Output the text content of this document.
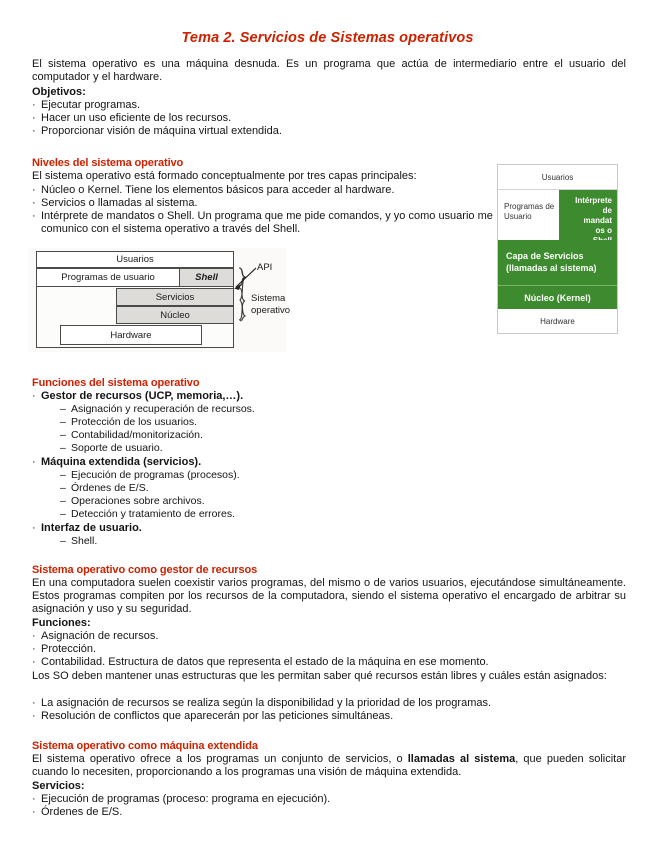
Tema 2. Servicios de Sistemas operativos
El sistema operativo es una máquina desnuda. Es un programa que actúa de intermediario entre el usuario del computador y el hardware.
Objetivos:
· Ejecutar programas.
· Hacer un uso eficiente de los recursos.
· Proporcionar visión de máquina virtual extendida.
Niveles del sistema operativo
El sistema operativo está formado conceptualmente por tres capas principales:
· Núcleo o Kernel. Tiene los elementos básicos para acceder al hardware.
· Servicios o llamadas al sistema.
· Intérprete de mandatos o Shell. Un programa que me pide comandos, y yo como usuario me comunico con el sistema operativo a través del Shell.
Usuarios
Programas de usuario	Shell
Servicios
Núcleo
Hardware
API
Sistema
operativo
Usuarios
Programas de
Usuario
Intérprete de
mandat
os o

Capa de Servicios
(llamadas al sistema)
Núcleo (Kernel)
Hardware
Funciones del sistema operativo
· Gestor de recursos (UCP, memoria,…).
– Asignación y recuperación de recursos.
– Protección de los usuarios.
– Contabilidad/monitorización.
– Soporte de usuario.
· Máquina extendida (servicios).
– Ejecución de programas (procesos).
– Órdenes de E/S.
– Operaciones sobre archivos.
– Detección y tratamiento de errores.
· Interfaz de usuario.
– Shell.
Sistema operativo como gestor de recursos
En una computadora suelen coexistir varios programas, del mismo o de varios usuarios, ejecutándose simultáneamente. Estos programas compiten por los recursos de la computadora, siendo el sistema operativo el encargado de arbitrar su asignación y uso y su seguridad.
Funciones:
· Asignación de recursos.
· Protección.
· Contabilidad. Estructura de datos que representa el estado de la máquina en ese momento.
Los SO deben mantener unas estructuras que les permitan saber qué recursos están libres y cuáles están asignados:
· La asignación de recursos se realiza según la disponibilidad y la prioridad de los programas.
· Resolución de conflictos que aparecerán por las peticiones simultáneas.
Sistema operativo como máquina extendida
El sistema operativo ofrece a los programas un conjunto de servicios, o llamadas al sistema, que pueden solicitar cuando lo necesiten, proporcionando a los programas una visión de máquina extendida.
Servicios:
· Ejecución de programas (proceso: programa en ejecución).
· Órdenes de E/S.
